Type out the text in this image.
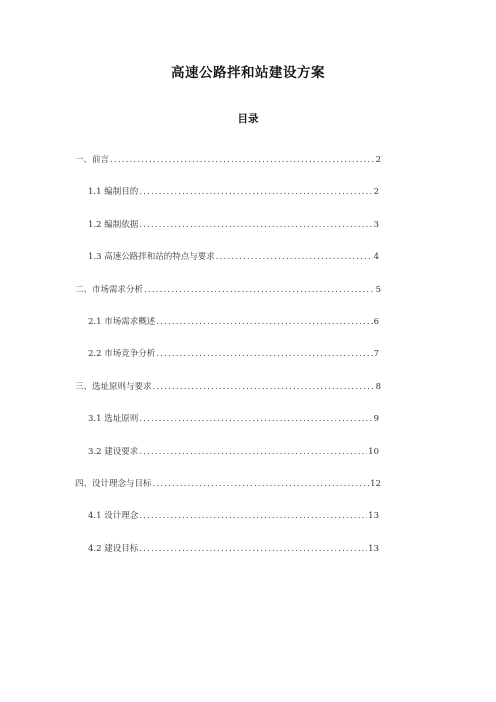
高速公路拌和站建设方案
目录
一、前言 .....	2
1.1 编制目的 .....	2
1.2 编制依据 .....	3
1.3 高速公路拌和站的特点与要求 .....	4
二、市场需求分析 .....	5
2.1 市场需求概述 .....	6
2.2 市场竞争分析 .....	7
三、选址原则与要求 .....	8
3.1 选址原则 .....	9
3.2 建设要求 .....	10
四、设计理念与目标 .....	12
4.1 设计理念 .....	13
4.2 建设目标 .....	13
